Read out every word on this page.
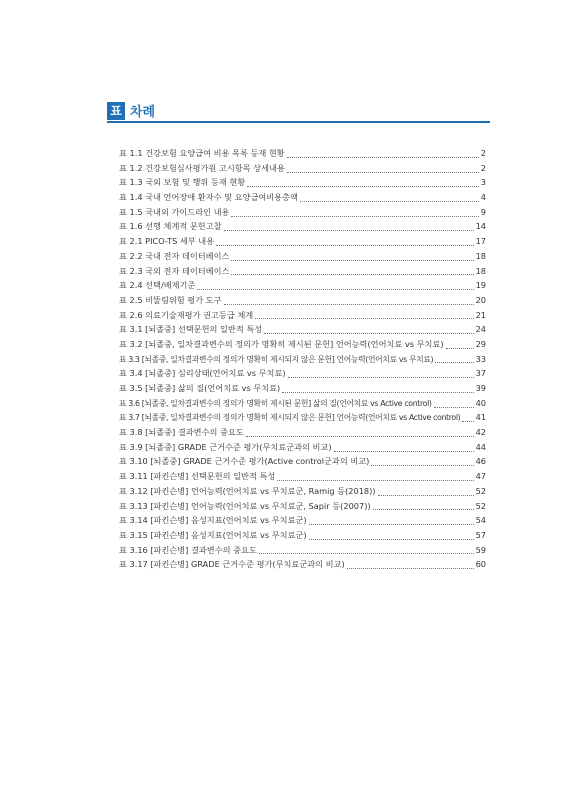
표 차례
표 1.1 건강보험 요양급여 비용 목록 등재 현황	2
표 1.2 건강보험심사평가원 고시항목 상세내용	2
표 1.3 국외 보험 및 행위 등재 현황	3
표 1.4 국내 언어장애 환자수 및 요양급여비용총액	4
표 1.5 국내외 가이드라인 내용	9
표 1.6 선행 체계적 문헌고찰	14
표 2.1 PICO-TS 세부 내용	17
표 2.2 국내 전자 데이터베이스	18
표 2.3 국외 전자 데이터베이스	18
표 2.4 선택/배제기준	19
표 2.5 비뚤림위험 평가 도구	20
표 2.6 의료기술재평가 권고등급 체계	21
표 3.1 [뇌졸중] 선택문헌의 일반적 특성	24
표 3.2 [뇌졸중, 일차결과변수의 정의가 명확히 제시된 문헌] 언어능력(언어치료 vs 무치료)	29
표 3.3 [뇌졸중, 일차결과변수의 정의가 명확히 제시되지 않은 문헌] 언어능력(언어치료 vs 무치료)	33
표 3.4 [뇌졸중] 심리상태(언어치료 vs 무치료)	37
표 3.5 [뇌졸중] 삶의 질(언어치료 vs 무치료)	39
표 3.6 [뇌졸중, 일차결과변수의 정의가 명확히 제시된 문헌] 삶의 질(언어치료 vs Active control)	40
표 3.7 [뇌졸중, 일차결과변수의 정의가 명확히 제시되지 않은 문헌] 언어능력(언어치료 vs Active control) 41
표 3.8 [뇌졸중] 결과변수의 중요도	42
표 3.9 [뇌졸중] GRADE 근거수준 평가(무치료군과의 비교)	44
표 3.10 [뇌졸중] GRADE 근거수준 평가(Active control군과의 비교)	46
표 3.11 [파킨슨병] 선택문헌의 일반적 특성	47
표 3.12 [파킨슨병] 언어능력(언어치료 vs 무치료군, Ramig 등(2018))	52
표 3.13 [파킨슨병] 언어능력(언어치료 vs 무치료군, Sapir 등(2007))	52
표 3.14 [파킨슨병] 음성지표(언어치료 vs 무치료군)	54
표 3.15 [파킨슨병] 음성지표(언어치료 vs 무치료군)	57
표 3.16 [파킨슨병] 결과변수의 중요도	59
표 3.17 [파킨슨병] GRADE 근거수준 평가(무치료군과의 비교)	60
